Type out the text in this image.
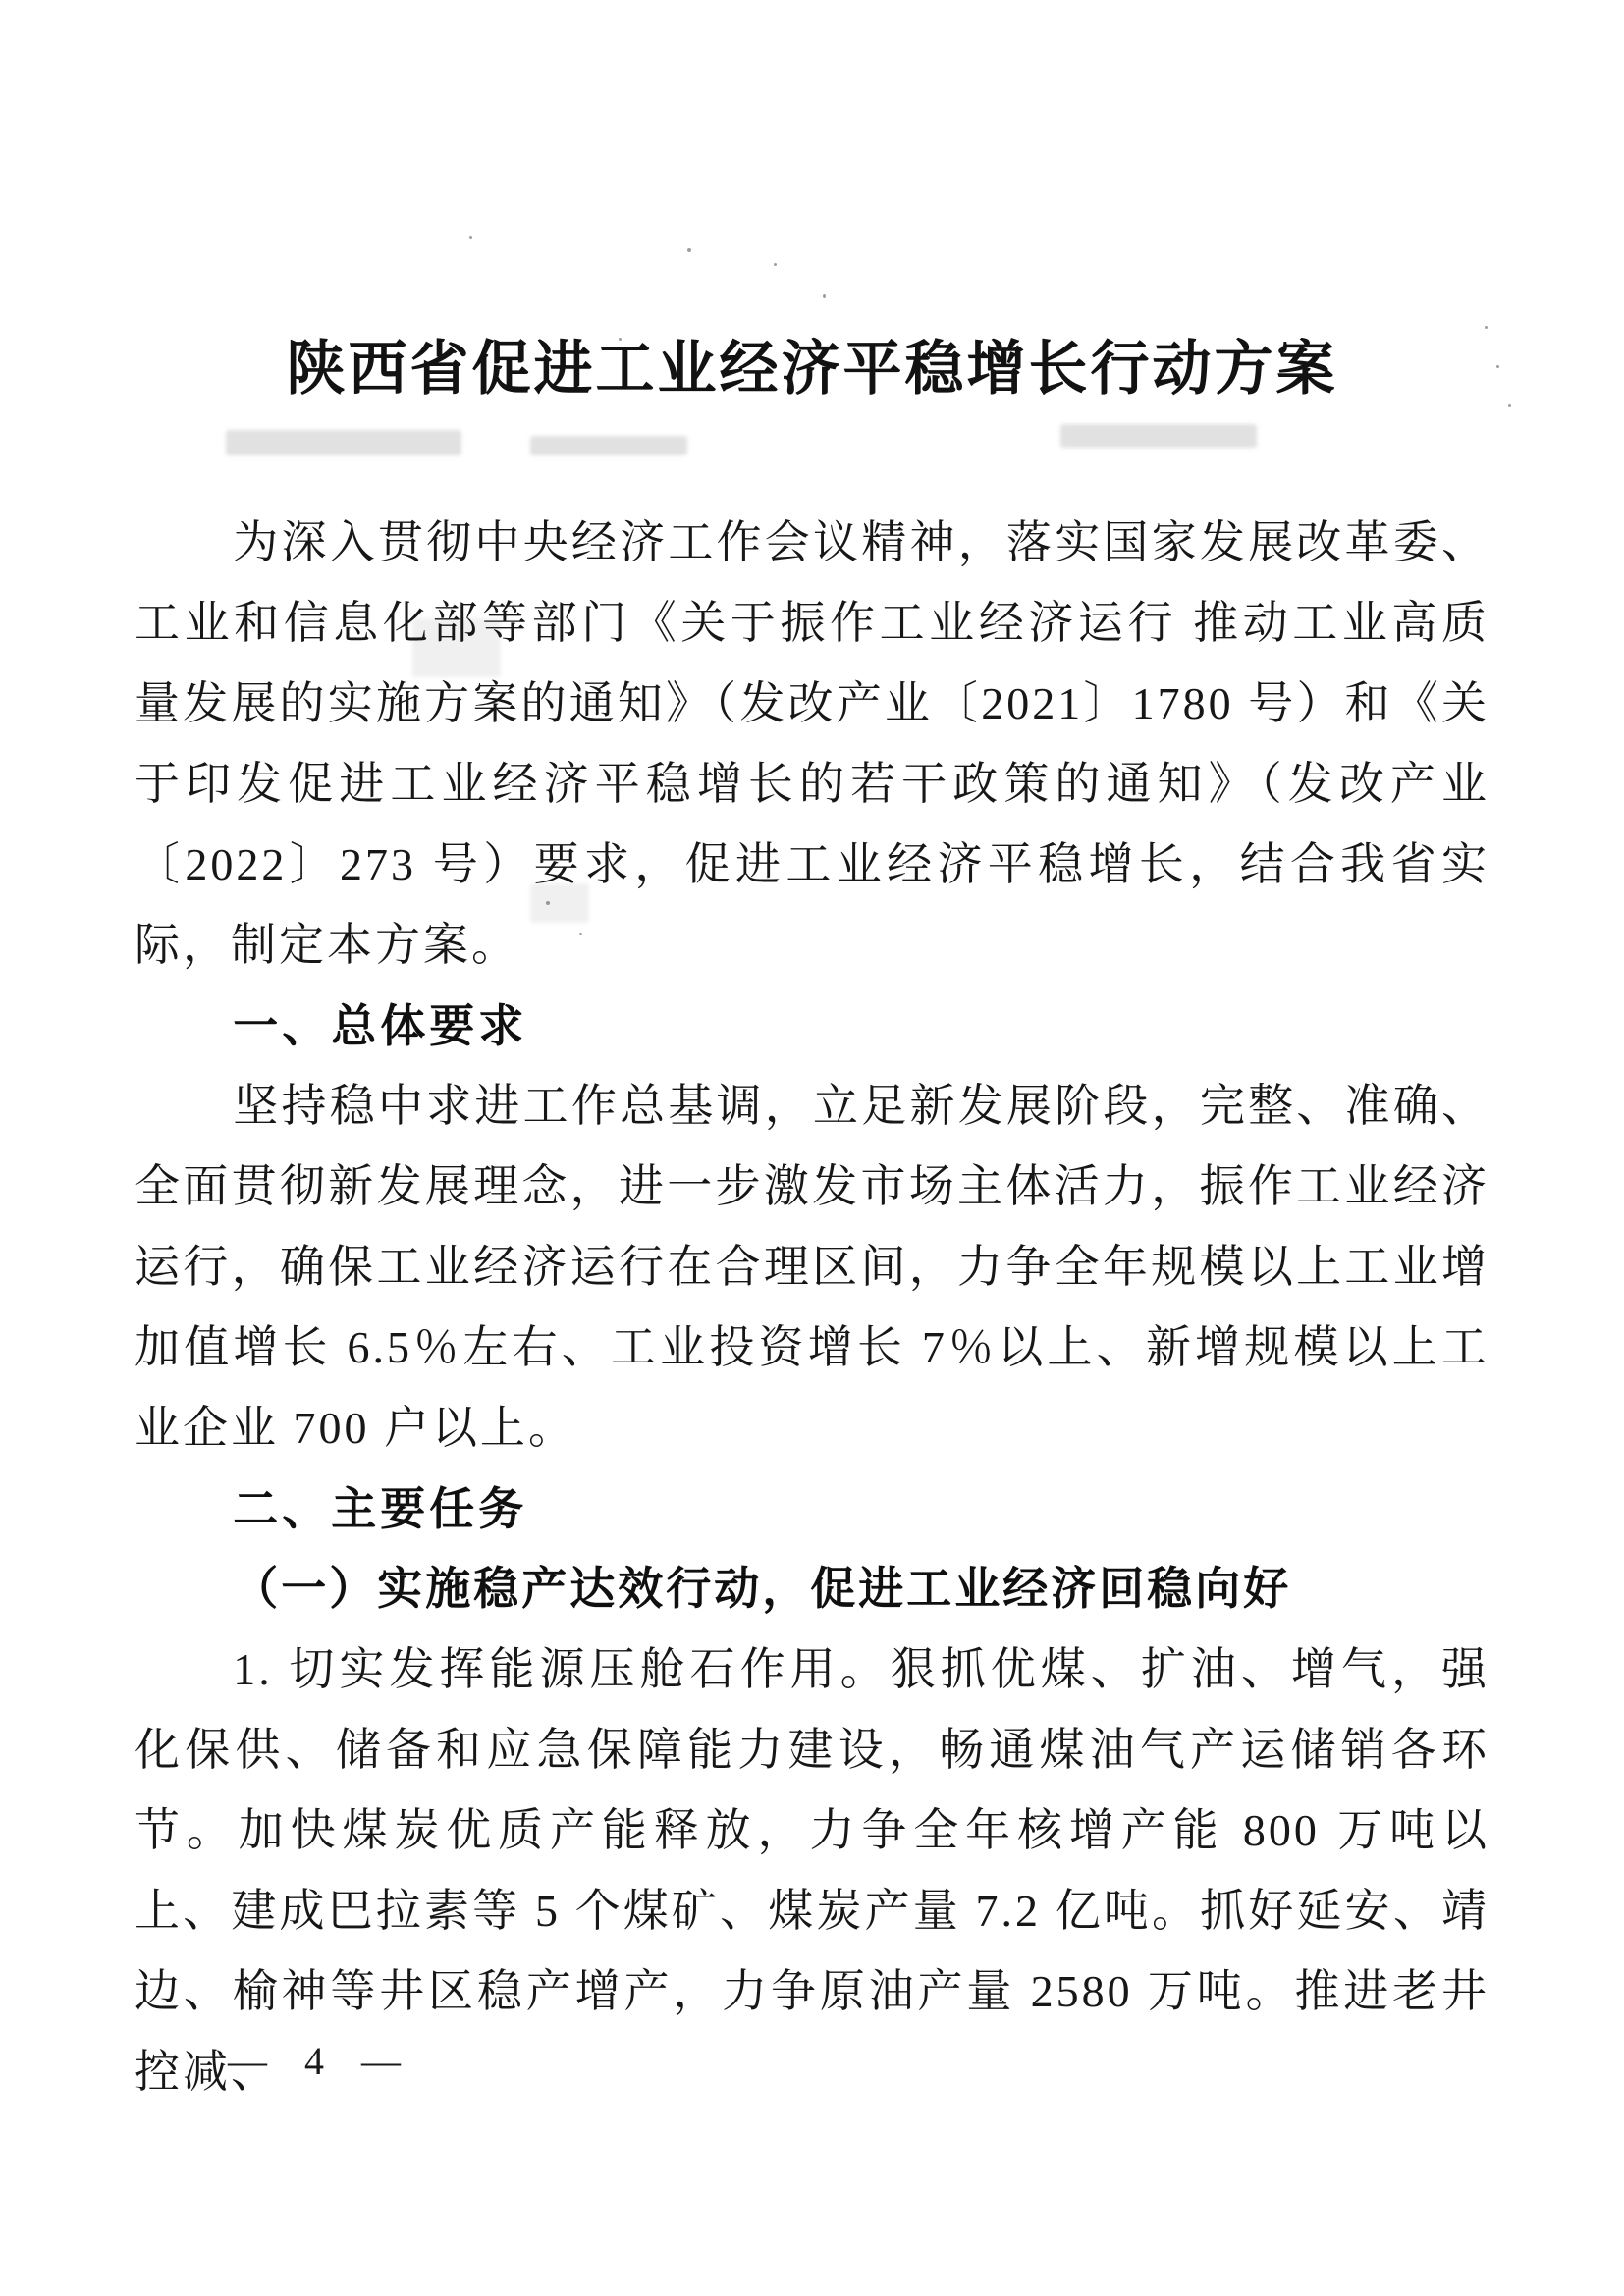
陕西省促进工业经济平稳增长行动方案

为深入贯彻中央经济工作会议精神，落实国家发展改革委、工业和信息化部等部门《关于振作工业经济运行 推动工业高质量发展的实施方案的通知》（发改产业〔2021〕1780 号）和《关于印发促进工业经济平稳增长的若干政策的通知》（发改产业〔2022〕273 号）要求，促进工业经济平稳增长，结合我省实际，制定本方案。

一、总体要求

坚持稳中求进工作总基调，立足新发展阶段，完整、准确、全面贯彻新发展理念，进一步激发市场主体活力，振作工业经济运行，确保工业经济运行在合理区间，力争全年规模以上工业增加值增长 6.5％左右、工业投资增长 7％以上、新增规模以上工业企业 700 户以上。

二、主要任务

（一）实施稳产达效行动，促进工业经济回稳向好

1. 切实发挥能源压舱石作用。狠抓优煤、扩油、增气，强化保供、储备和应急保障能力建设，畅通煤油气产运储销各环节。加快煤炭优质产能释放，力争全年核增产能 800 万吨以上、建成巴拉素等 5 个煤矿、煤炭产量 7.2 亿吨。抓好延安、靖边、榆神等井区稳产增产，力争原油产量 2580 万吨。推进老井控减、

— 4 —
